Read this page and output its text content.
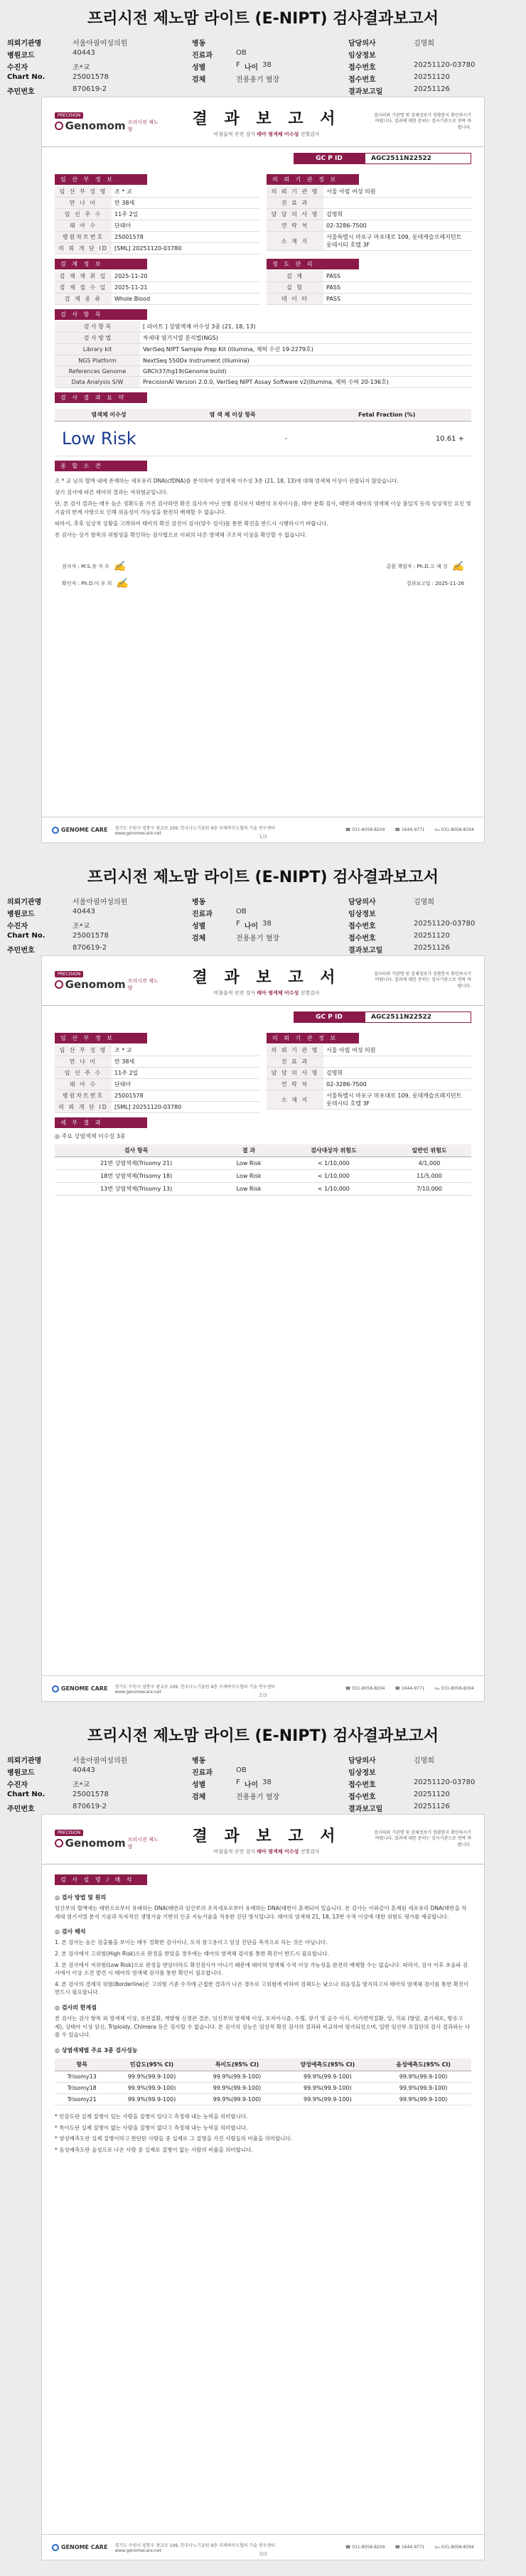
프리시전 제노맘 라이트 (E-NIPT) 검사결과보고서
의뢰기관명	서울아필여성의원	병동	담당의사	김명희
병원코드	40443	진료과	OB	임상정보
수진자	조*교	성별	F 나이 38	접수번호	20251120-03780
Chart No.	25001578	검체	전용용기 혈장	접수번호	20251120
주민번호	870619-2	결과보고일	20251126
PRECISION
Genomom 프리시전 제노맘
결 과 보 고 서
비침습적 산전 검사 태아 염색체 이수성 선별검사
검사의뢰 기관명 및 검체정보가 정확한지 확인하시기 바랍니다. 결과에 대한 문의는 검사기관으로 연락 바랍니다.
GC P ID	AGC2511N22522
임 산 부 정 보	의 뢰 기 관 정 보
임 산 부 성 명	조 * 교
만 나 이	만 38세
임 신 주 수	11주 2일
태 아 수	단태아
병원차트번호	25001578
의 뢰 개 단 ID	[SML] 20251120-03780
의 뢰 기 관 명	서울 아필 여성 의원
진 료 과	
담 당 의 사 명	김명희
연 락 처	02-3286-7500
소 재 지	서울특별시 마포구 마포대로 109, 롯데캐슬프레지던트 롯데시티 호텔 3F
검 체 정 보	정 도 관 리
검 체 채 취 일	2025-11-20
검 체 접 수 일	2025-11-21
검 체 종 류	Whole Blood
검 체	PASS
실 험	PASS
데 이 터	PASS
검 사 항 목
검 사 항 목	[ 라이트 ] 상염색체 이수성 3종 (21, 18, 13)
검 사 방 법	차세대 염기서열 분석법(NGS)
Library kit	VeriSeq NIPT Sample Prep Kit (Illumina, 제허 수신 19-2279호)
NGS Platform	NextSeq 550Dx Instrument (Illumina)
References Genome	GRCh37/hg19(Genome build)
Data Analysis S/W	PrecisionAI Version 2.0.0, VeriSeq NIPT Assay Software v2(Illumina, 제허 수허 20-136호)
검 사 결 과 요 약
염색체 이수성	염 색 체 이상 항목	Fetal Fraction (%)
Low Risk	-	10.61 +
종 합 소 견

조 * 교 님의 혈액 내에 존재하는 세포유리 DNA(cfDNA)를 분석하여 상염색체 이수성 3종 (21, 18, 13)에 대해 염색체 이상이 관찰되지 않았습니다.

상기 검사에 따른 태아의 결과는 저위험군입니다.

단, 본 검사 결과는 매우 높은 정확도를 가진 검사라면 확진 검사가 아닌 선별 검사로서 태반의 모자이시즘, 태아 분획 검사, 태반과 태아의 염색체 이상 불일치 등의 임상적인 요인 및 기술의 한계 사항으로 인해 위음성이 가능성을 완전히 배제할 수 없습니다.

따라서, 추후 임상적 상황을 고려하여 태아의 확진 검진이 검사(양수 검사)를 통한 확진을 반드시 시행하시기 바랍니다.

본 검사는 상기 항목의 위험성을 확인하는 검사법으로 이외의 다른 염색체 구조적 이상을 확인할 수 없습니다.

검사자 : M.S.장 지 수 ✍	총괄 책임자 : Ph.D.고 제 성 ✍
확인자 : Ph.D.이 우 희 ✍	결과보고일 : 2025-11-26
GENOME CARE 경기도 수원시 영통구 광교로 109, 한국나노기술원 9층 국제바이오협의 기술 연구센터
www.genomecare.net
☎ 031-8058-8204 ☎ 1644-9771 ℻ 031-8058-8304
1/3
프리시전 제노맘 라이트 (E-NIPT) 검사결과보고서
의뢰기관명	서울아필여성의원	병동	담당의사	김명희
병원코드	40443	진료과	OB	임상정보
수진자	조*교	성별	F 나이 38	접수번호	20251120-03780
Chart No.	25001578	검체	전용용기 혈장	접수번호	20251120
주민번호	870619-2	결과보고일	20251126
PRECISION
Genomom 프리시전 제노맘
결 과 보 고 서
비침습적 산전 검사 태아 염색체 이수성 선별검사
검사의뢰 기관명 및 검체정보가 정확한지 확인하시기 바랍니다. 결과에 대한 문의는 검사기관으로 연락 바랍니다.
GC P ID	AGC2511N22522
임 산 부 정 보	의 뢰 기 관 정 보
임 산 부 성 명	조 * 교
만 나 이	만 38세
임 신 주 수	11주 2일
태 아 수	단태아
병원차트번호	25001578
의 뢰 개 단 ID	[SML] 20251120-03780
의 뢰 기 관 명	서울 아필 여성 의원
진 료 과	
담 당 의 사 명	김명희
연 락 처	02-3286-7500
소 재 지	서울특별시 마포구 마포대로 109, 롯데캐슬프레지던트 롯데시티 호텔 3F
세 부 결 과
◎ 주요 상염색체 이수성 3종
검사 항목	결 과	검사대상자 위험도	일반인 위험도
21번 상염색체(Trisomy 21)	Low Risk	< 1/10,000	4/1,000
18번 상염색체(Trisomy 18)	Low Risk	< 1/10,000	11/5,000
13번 상염색체(Trisomy 13)	Low Risk	< 1/10,000	7/10,000
GENOME CARE 경기도 수원시 영통구 광교로 109, 한국나노기술원 9층 국제바이오협의 기술 연구센터
www.genomecare.net
☎ 031-8058-8204 ☎ 1644-9771 ℻ 031-8058-8304
2/3
프리시전 제노맘 라이트 (E-NIPT) 검사결과보고서
의뢰기관명	서울아필여성의원	병동	담당의사	김명희
병원코드	40443	진료과	OB	임상정보
수진자	조*교	성별	F 나이 38	접수번호	20251120-03780
Chart No.	25001578	검체	전용용기 혈장	접수번호	20251120
주민번호	870619-2	결과보고일	20251126
PRECISION
Genomom 프리시전 제노맘
결 과 보 고 서
비침습적 산전 검사 태아 염색체 이수성 선별검사
검사의뢰 기관명 및 검체정보가 정확한지 확인하시기 바랍니다. 결과에 대한 문의는 검사기관으로 연락 바랍니다.
검 사 설 명 / 해 석
◎ 검사 방법 및 원리
임산부의 혈액에는 태반으로부터 유래하는 DNA(태반과 임산부의 조직세포로부터 유래하는 DNA(태반이 혼재되어 있습니다. 본 검사는 이와같이 혼재된 세포유리 DNA(태반을 차세대 염기서열 분석 기술과 독자적인 생명기술 기반의 인공 지능기술을 적용한 진단 방식입니다. 태아의 염색체 21, 18, 13번 수적 이상에 대한 위험도 평가를 제공합니다.
◎ 검사 해석
1. 본 검사는 높은 검출률을 보이는 매우 정확한 검사이나, 오직 참고용이고 임상 진단을 목적으로 하는 것은 아닙니다.
2. 본 검사에서 고위험(High Risk)으로 판정을 받았을 경우에는 태아의 염색체 검사를 통한 확진이 반드시 필요합니다.
3. 본 검사에서 저위험(Low Risk)으로 판정을 받았더라도 확진검사가 아니기 때문에 태아의 염색체 수적 이상 가능성을 완전히 배제할 수는 없습니다. 따라서, 검사 이후 초음파 검사에서 이상 소견 발견 시 태아의 염색체 검사를 통한 확인이 필요합니다.
4. 본 검사의 경계치 위험(Borderline)은 고위험 기준 수치에 근접한 결과가 나온 경우로 고위험에 비하여 검체도는 낮으나 위음성을 방지하고자 태아의 염색체 검사를 통한 확진이 반드시 필요합니다.
◎ 검사의 한계점
본 검사는 검사 항목 외 염색체 이상, 유전질환, 개방형 신경관 결손, 임신부의 염색체 이상, 모자이시즘, 수혈, 장기 및 골수 이식, 지가면역질환, 암, 치료 (항암, 줄기세포, 항응고제), 상태아 이상 임신, Triploidy, Chimera 등은 검사할 수 없습니다. 본 검사의 성능은 임상적 확진 검사의 결과와 비교하여 평가되었으며, 일반 임산부 모집단의 검사 결과와는 다를 수 있습니다.
◎ 상염색체별 주요 3종 검사성능
항목	민감도(95% CI)	특이도(95% CI)	양성예측도(95% CI)	음성예측도(95% CI)
Trisomy13	99.9%(99.9-100)	99.9%(99.9-100)	99.9%(99.9-100)	99.9%(99.9-100)
Trisomy18	99.9%(99.9-100)	99.9%(99.9-100)	99.9%(99.9-100)	99.9%(99.9-100)
Trisomy21	99.9%(99.9-100)	99.9%(99.9-100)	99.9%(99.9-100)	99.9%(99.9-100)
* 민감도란 실제 질병이 있는 사람을 질병이 있다고 측정해 내는 능력을 의미합니다.
* 특이도란 실제 질병이 없는 사람을 질병이 없다고 측정해 내는 능력을 의미합니다.
* 양성예측도란 실제 질병이라고 판단된 사람들 중 실제로 그 질병을 가진 사람들의 비율을 의미합니다.
* 음성예측도란 음성으로 나온 사람 중 실제로 질병이 없는 사람의 비율을 의미합니다.
GENOME CARE 경기도 수원시 영통구 광교로 109, 한국나노기술원 9층 국제바이오협의 기술 연구센터
www.genomecare.net
☎ 031-8058-8204 ☎ 1644-9771 ℻ 031-8058-8304
3/3
